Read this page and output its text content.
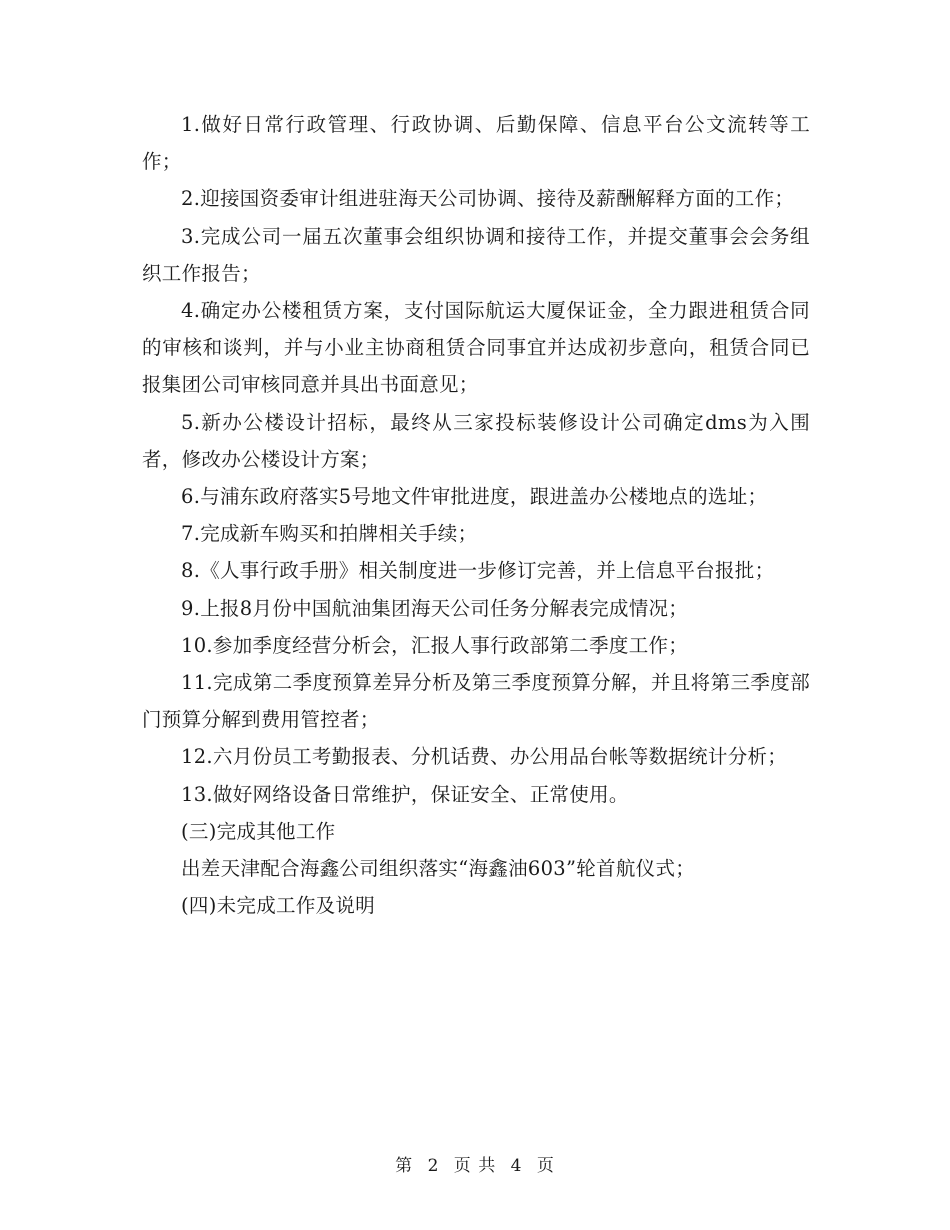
1.做好日常行政管理、行政协调、后勤保障、信息平台公文流转等工作；

2.迎接国资委审计组进驻海天公司协调、接待及薪酬解释方面的工作；

3.完成公司一届五次董事会组织协调和接待工作，并提交董事会会务组织工作报告；

4.确定办公楼租赁方案，支付国际航运大厦保证金，全力跟进租赁合同的审核和谈判，并与小业主协商租赁合同事宜并达成初步意向，租赁合同已报集团公司审核同意并具出书面意见；

5.新办公楼设计招标，最终从三家投标装修设计公司确定dms为入围者，修改办公楼设计方案；

6.与浦东政府落实5号地文件审批进度，跟进盖办公楼地点的选址；

7.完成新车购买和拍牌相关手续；

8.《人事行政手册》相关制度进一步修订完善，并上信息平台报批；

9.上报8月份中国航油集团海天公司任务分解表完成情况；

10.参加季度经营分析会，汇报人事行政部第二季度工作；

11.完成第二季度预算差异分析及第三季度预算分解，并且将第三季度部门预算分解到费用管控者；

12.六月份员工考勤报表、分机话费、办公用品台帐等数据统计分析；

13.做好网络设备日常维护，保证安全、正常使用。

(三)完成其他工作

出差天津配合海鑫公司组织落实“海鑫油603”轮首航仪式；

(四)未完成工作及说明

第 2 页 共 4 页
